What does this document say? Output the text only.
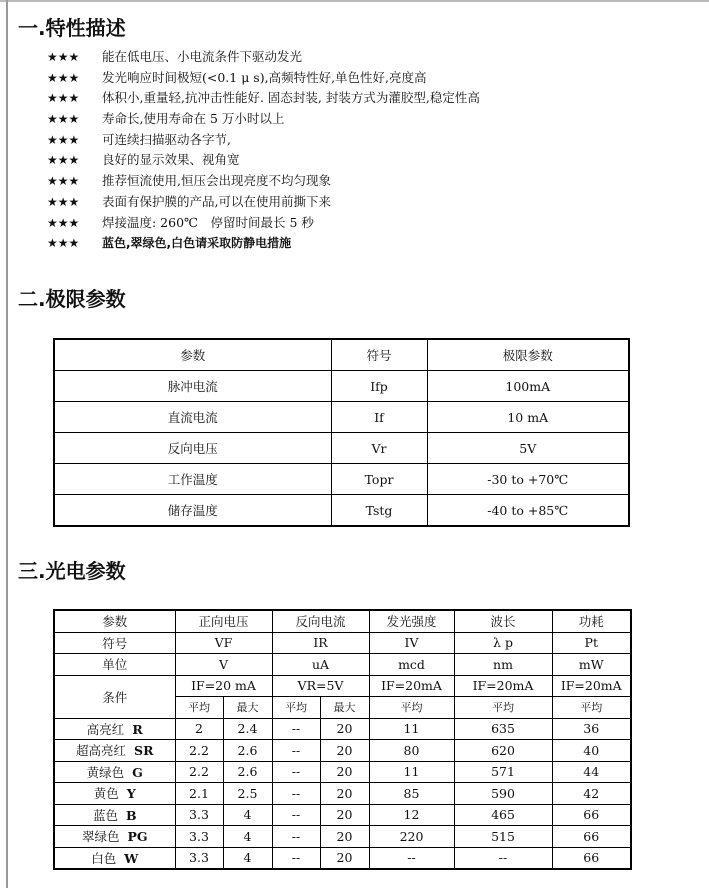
一.特性描述
★★★ 能在低电压、小电流条件下驱动发光
★★★ 发光响应时间极短(<0.1 μ s),高频特性好,单色性好,亮度高
★★★ 体积小,重量轻,抗冲击性能好. 固态封装, 封装方式为灌胶型,稳定性高
★★★ 寿命长,使用寿命在 5 万小时以上
★★★ 可连续扫描驱动各字节,
★★★ 良好的显示效果、视角宽
★★★ 推荐恒流使用,恒压会出现亮度不均匀现象
★★★ 表面有保护膜的产品,可以在使用前撕下来
★★★ 焊接温度: 260℃　停留时间最长 5 秒
★★★ 蓝色,翠绿色,白色请采取防静电措施
二.极限参数
参数	符号	极限参数
脉冲电流	Ifp	100mA
直流电流	If	10 mA
反向电压	Vr	5V
工作温度	Topr	-30 to +70℃
储存温度	Tstg	-40 to +85℃
三.光电参数
参数	正向电压		反向电流		发光强度	波长	功耗
符号	VF		IR		IV	λ p	Pt
单位	V		uA		mcd	nm	mW
条件	IF=20 mA		VR=5V		IF=20mA	IF=20mA	IF=20mA
	平均	最大	平均	最大	平均	平均	平均
高亮红 R	2	2.4	--	20	11	635	36
超高亮红 SR	2.2	2.6	--	20	80	620	40
黄绿色 G	2.2	2.6	--	20	11	571	44
黄色 Y	2.1	2.5	--	20	85	590	42
蓝色 B	3.3	4	--	20	12	465	66
翠绿色 PG	3.3	4	--	20	220	515	66
白色 W	3.3	4	--	20	--	--	66
